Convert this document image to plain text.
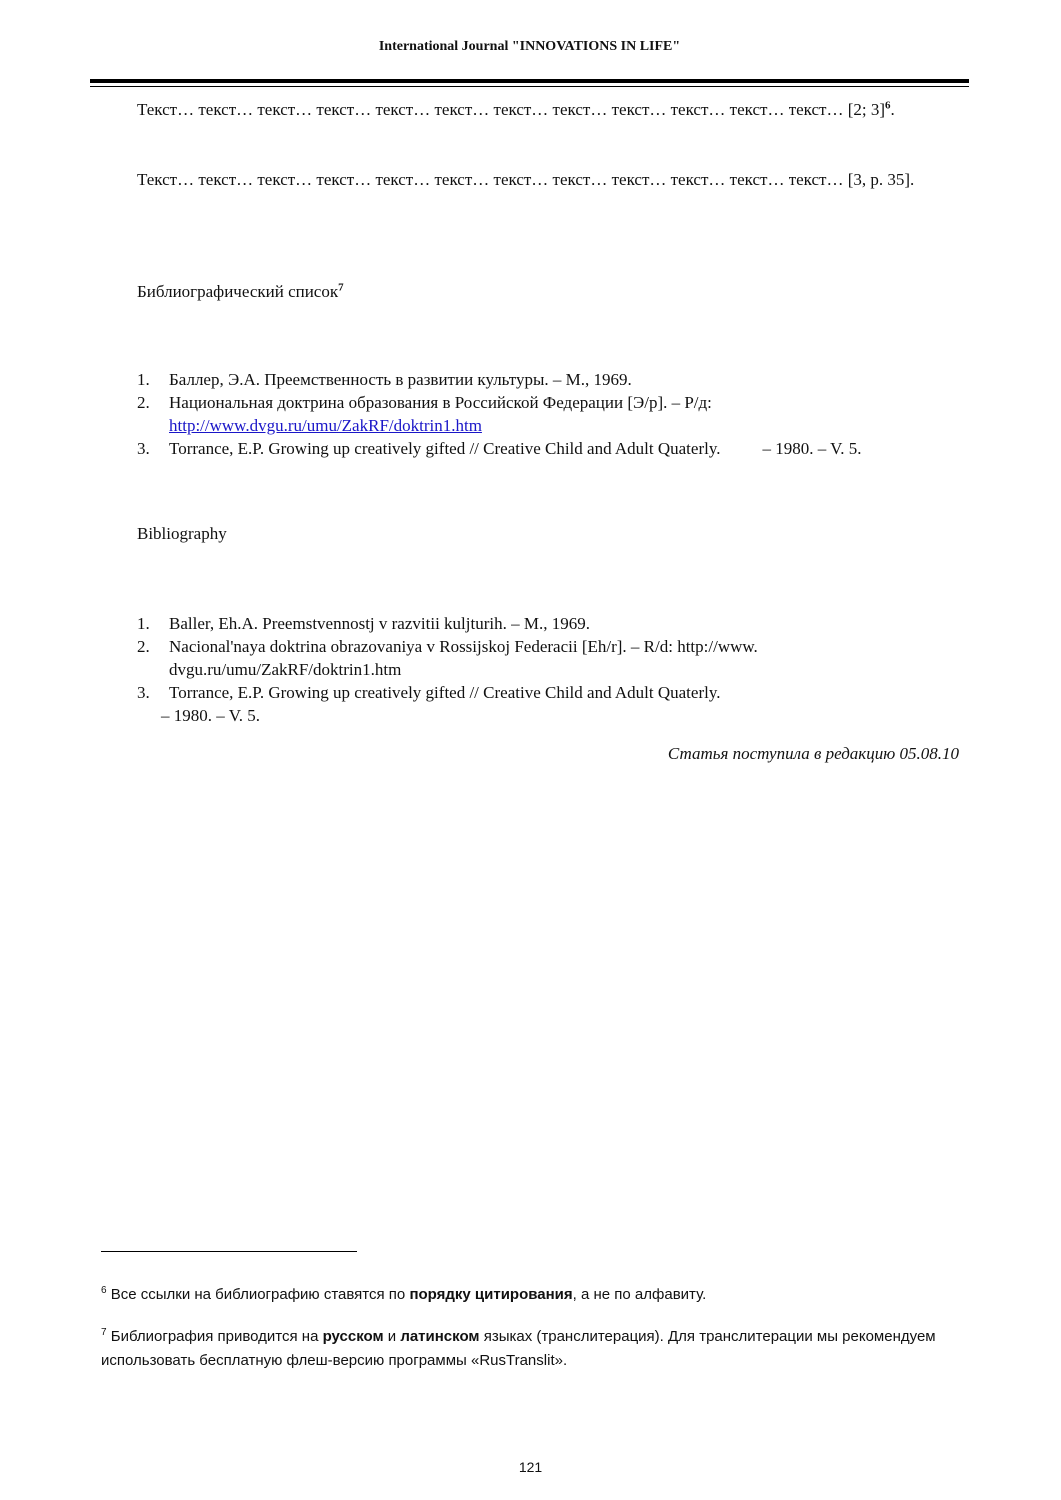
International Journal "INNOVATIONS IN LIFE"
Текст… текст… текст… текст… текст… текст… текст… текст… текст… текст… текст… текст… [2; 3]$^6$.
Текст… текст… текст… текст… текст… текст… текст… текст… текст… текст… текст… текст… [3, p. 35].
Библиографический список$^7$
1. Баллер, Э.А. Преемственность в развитии культуры. – М., 1969.
2. Национальная доктрина образования в Российской Федерации [Э/р]. – Р/д:
http://www.dvgu.ru/umu/ZakRF/doktrin1.htm
3. Torrance, E.P. Growing up creatively gifted // Creative Child and Adult Quaterly. – 1980. – V. 5.
Bibliography
1. Baller, Eh.A. Preemstvennostj v razvitii kuljturih. – M., 1969.
2. Nacional'naya doktrina obrazovaniya v Rossijskoj Federacii [Eh/r]. – R/d: http://www. dvgu.ru/umu/ZakRF/doktrin1.htm
3. Torrance, E.P. Growing up creatively gifted // Creative Child and Adult Quaterly.
– 1980. – V. 5.
Статья поступила в редакцию 05.08.10
$^6$ Все ссылки на библиографию ставятся по порядку цитирования, а не по алфавиту.
$^7$ Библиография приводится на русском и латинском языках (транслитерация). Для транслитерации мы рекомендуем использовать бесплатную флеш-версию программы «RusTranslit».
121
